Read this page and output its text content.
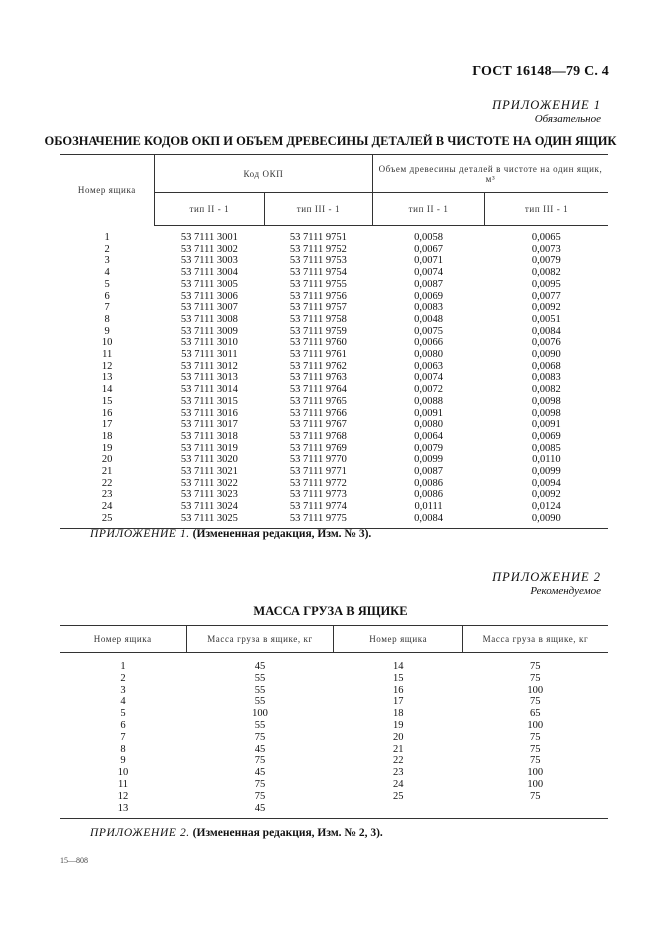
ГОСТ 16148—79 С. 4
ПРИЛОЖЕНИЕ 1
Обязательное
ОБОЗНАЧЕНИЕ КОДОВ ОКП И ОБЪЕМ ДРЕВЕСИНЫ ДЕТАЛЕЙ В ЧИСТОТЕ НА ОДИН ЯЩИК
Номер ящика	Код ОКП		Объем древесины деталей в чистоте на один ящик, м³	
	тип II - 1	тип III - 1	тип II - 1	тип III - 1
1	53 7111 3001	53 7111 9751	0,0058	0,0065
2	53 7111 3002	53 7111 9752	0,0067	0,0073
3	53 7111 3003	53 7111 9753	0,0071	0,0079
4	53 7111 3004	53 7111 9754	0,0074	0,0082
5	53 7111 3005	53 7111 9755	0,0087	0,0095
6	53 7111 3006	53 7111 9756	0,0069	0,0077
7	53 7111 3007	53 7111 9757	0,0083	0,0092
8	53 7111 3008	53 7111 9758	0,0048	0,0051
9	53 7111 3009	53 7111 9759	0,0075	0,0084
10	53 7111 3010	53 7111 9760	0,0066	0,0076
11	53 7111 3011	53 7111 9761	0,0080	0,0090
12	53 7111 3012	53 7111 9762	0,0063	0,0068
13	53 7111 3013	53 7111 9763	0,0074	0,0083
14	53 7111 3014	53 7111 9764	0,0072	0,0082
15	53 7111 3015	53 7111 9765	0,0088	0,0098
16	53 7111 3016	53 7111 9766	0,0091	0,0098
17	53 7111 3017	53 7111 9767	0,0080	0,0091
18	53 7111 3018	53 7111 9768	0,0064	0,0069
19	53 7111 3019	53 7111 9769	0,0079	0,0085
20	53 7111 3020	53 7111 9770	0,0099	0,0110
21	53 7111 3021	53 7111 9771	0,0087	0,0099
22	53 7111 3022	53 7111 9772	0,0086	0,0094
23	53 7111 3023	53 7111 9773	0,0086	0,0092
24	53 7111 3024	53 7111 9774	0,0111	0,0124
25	53 7111 3025	53 7111 9775	0,0084	0,0090
ПРИЛОЖЕНИЕ 1. (Измененная редакция, Изм. № 3).
ПРИЛОЖЕНИЕ 2
Рекомендуемое
МАССА ГРУЗА В ЯЩИКЕ
Номер ящика	Масса груза в ящике, кг	Номер ящика	Масса груза в ящике, кг
1	45	14	75
2	55	15	75
3	55	16	100
4	55	17	75
5	100	18	65
6	55	19	100
7	75	20	75
8	45	21	75
9	75	22	75
10	45	23	100
11	75	24	100
12	75	25	75
13	45		
ПРИЛОЖЕНИЕ 2. (Измененная редакция, Изм. № 2, 3).
15—808
